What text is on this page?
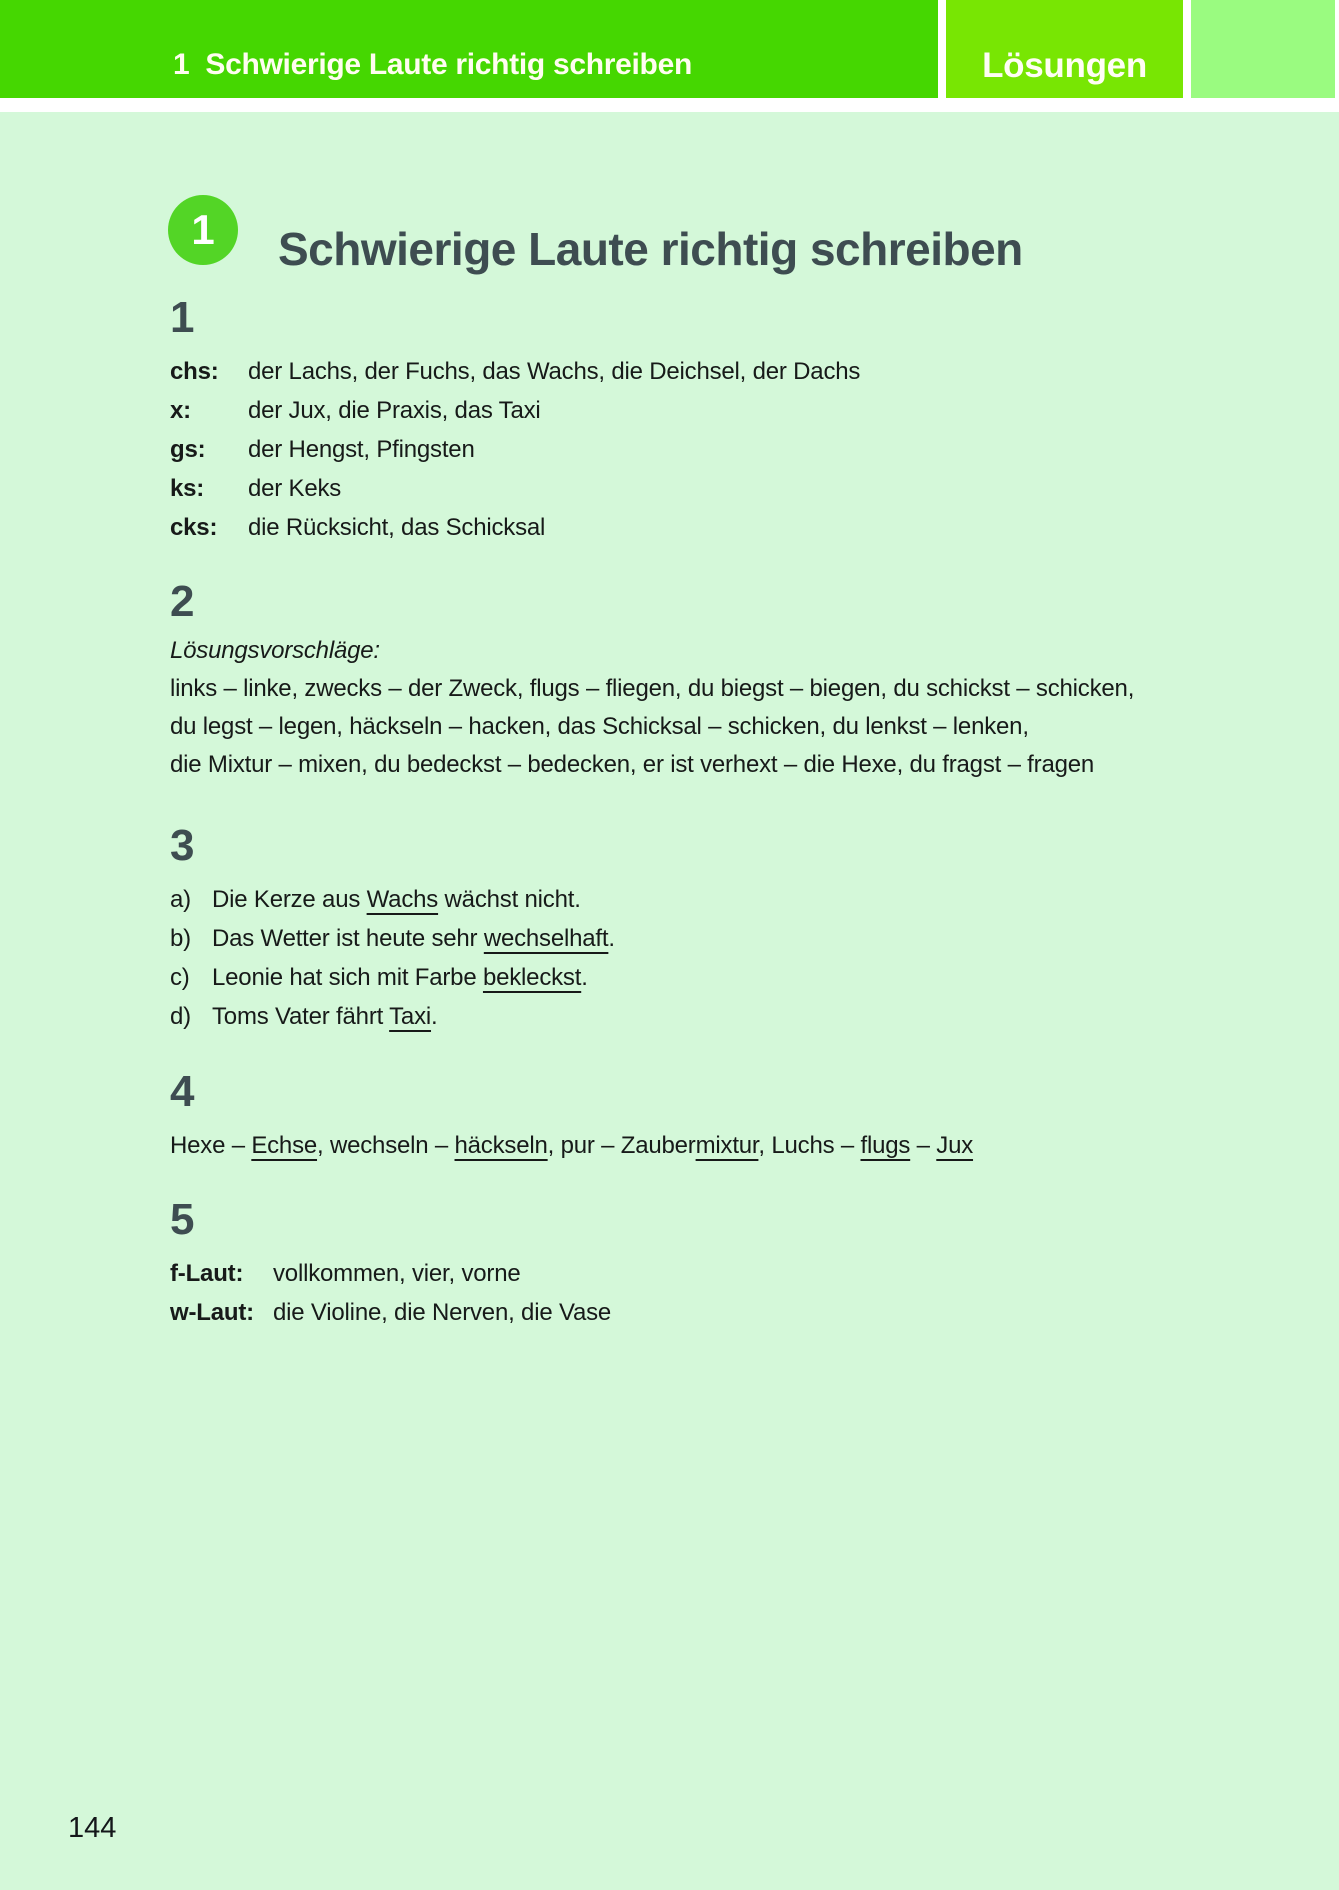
1 Schwierige Laute richtig schreiben	Lösungen
1 Schwierige Laute richtig schreiben
1
chs:	der Lachs, der Fuchs, das Wachs, die Deichsel, der Dachs
x:	der Jux, die Praxis, das Taxi
gs:	der Hengst, Pfingsten
ks:	der Keks
cks:	die Rücksicht, das Schicksal
2
Lösungsvorschläge:
links – linke, zwecks – der Zweck, flugs – fliegen, du biegst – biegen, du schickst – schicken,
du legst – legen, häckseln – hacken, das Schicksal – schicken, du lenkst – lenken,
die Mixtur – mixen, du bedeckst – bedecken, er ist verhext – die Hexe, du fragst – fragen
3
a) Die Kerze aus Wachs wächst nicht.
b) Das Wetter ist heute sehr wechselhaft.
c) Leonie hat sich mit Farbe bekleckst.
d) Toms Vater fährt Taxi.
4
Hexe – Echse, wechseln – häckseln, pur – Zaubermixtur, Luchs – flugs – Jux
5
f-Laut:	vollkommen, vier, vorne
w-Laut: die Violine, die Nerven, die Vase
144
